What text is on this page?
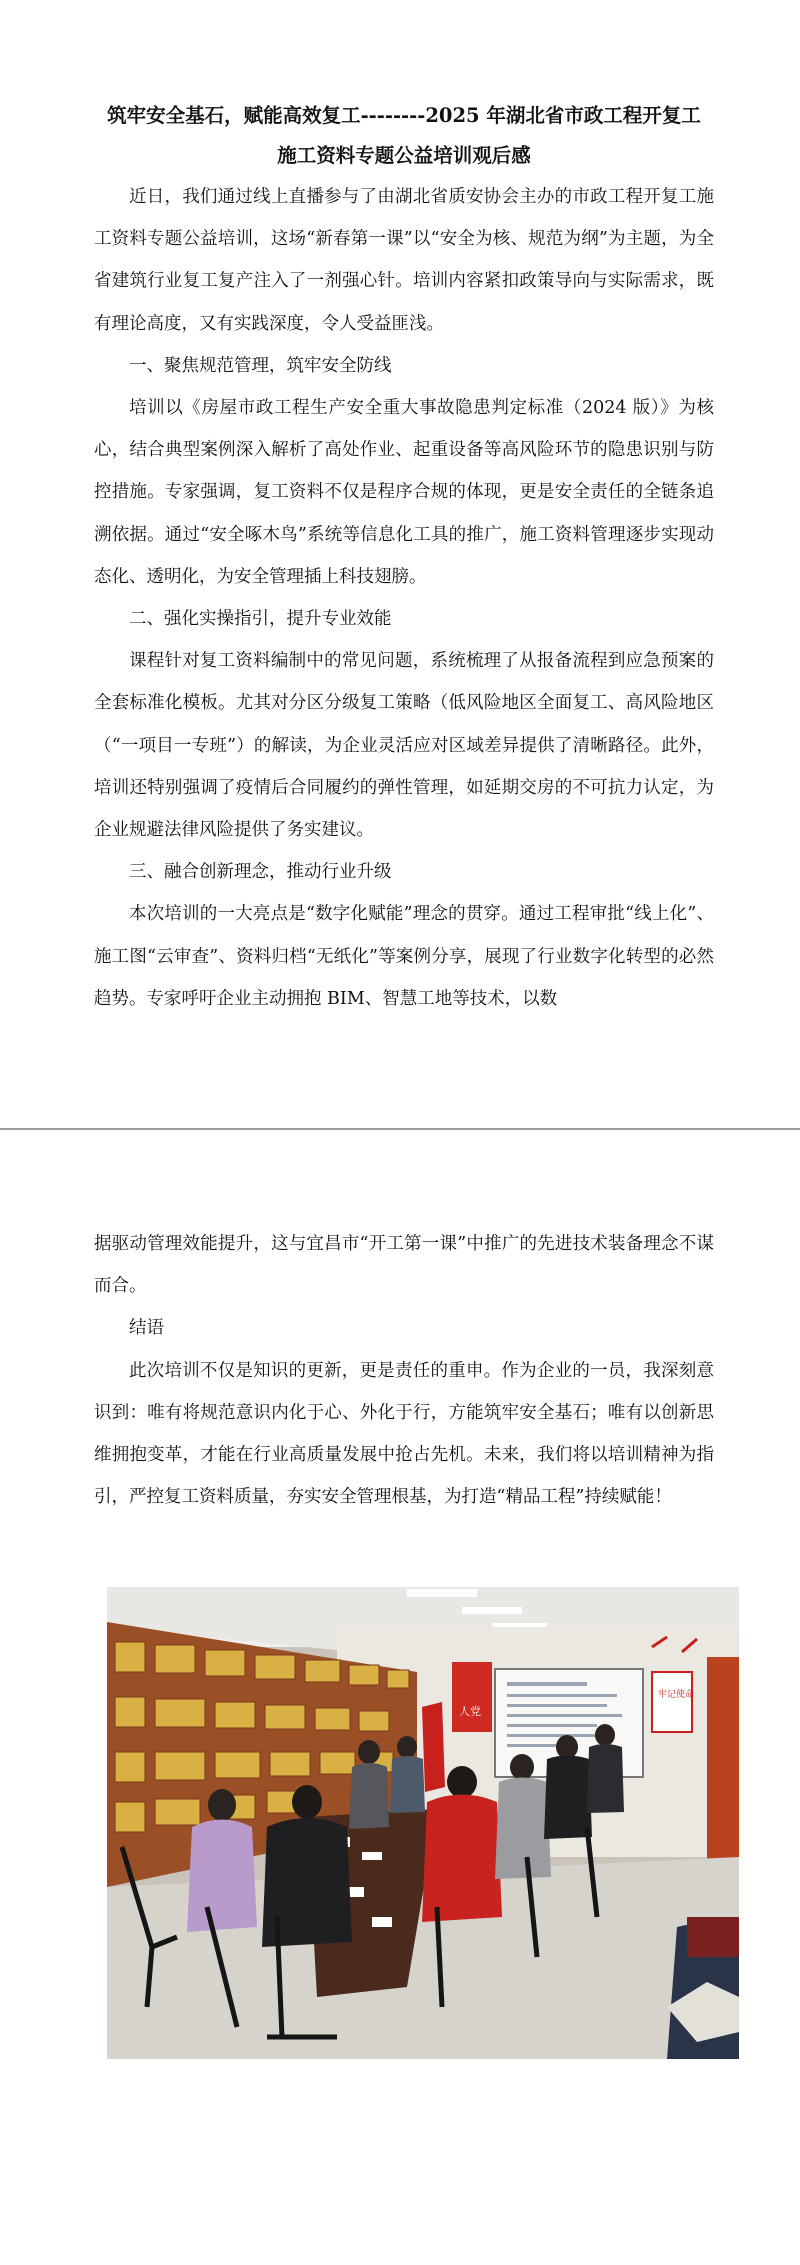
筑牢安全基石，赋能高效复工--------2025 年湖北省市政工程开复工
施工资料专题公益培训观后感

近日，我们通过线上直播参与了由湖北省质安协会主办的市政工程开复工施工资料专题公益培训，这场“新春第一课”以“安全为核、规范为纲”为主题，为全省建筑行业复工复产注入了一剂强心针。培训内容紧扣政策导向与实际需求，既有理论高度，又有实践深度，令人受益匪浅。

一、聚焦规范管理，筑牢安全防线

培训以《房屋市政工程生产安全重大事故隐患判定标准（2024 版）》为核心，结合典型案例深入解析了高处作业、起重设备等高风险环节的隐患识别与防控措施。专家强调，复工资料不仅是程序合规的体现，更是安全责任的全链条追溯依据。通过“安全啄木鸟”系统等信息化工具的推广，施工资料管理逐步实现动态化、透明化，为安全管理插上科技翅膀。

二、强化实操指引，提升专业效能

课程针对复工资料编制中的常见问题，系统梳理了从报备流程到应急预案的全套标准化模板。尤其对分区分级复工策略（低风险地区全面复工、高风险地区（“一项目一专班”）的解读，为企业灵活应对区域差异提供了清晰路径。此外，培训还特别强调了疫情后合同履约的弹性管理，如延期交房的不可抗力认定，为企业规避法律风险提供了务实建议。

三、融合创新理念，推动行业升级

本次培训的一大亮点是“数字化赋能”理念的贯穿。通过工程审批“线上化”、施工图“云审查”、资料归档“无纸化”等案例分享，展现了行业数字化转型的必然趋势。专家呼吁企业主动拥抱 BIM、智慧工地等技术，以数

据驱动管理效能提升，这与宜昌市“开工第一课”中推广的先进技术装备理念不谋而合。

结语

此次培训不仅是知识的更新，更是责任的重申。作为企业的一员，我深刻意识到：唯有将规范意识内化于心、外化于行，方能筑牢安全基石；唯有以创新思维拥抱变革，才能在行业高质量发展中抢占先机。未来，我们将以培训精神为指引，严控复工资料质量，夯实安全管理根基，为打造“精品工程”持续赋能！

人党
牢记使命
